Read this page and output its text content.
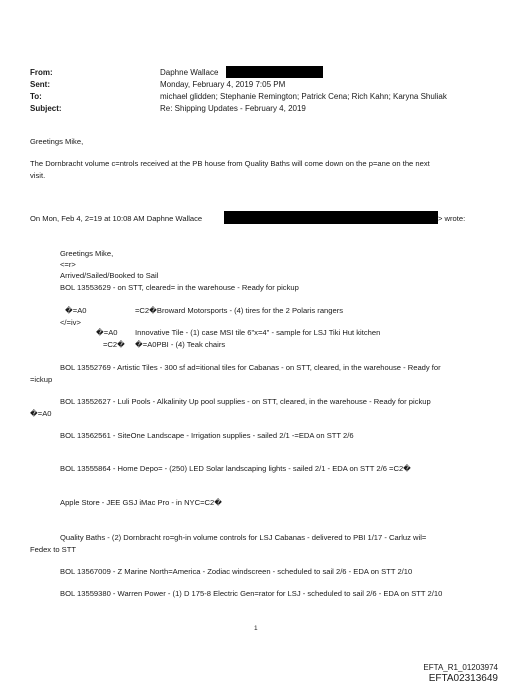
From:	Daphne Wallace
Sent:	Monday, February 4, 2019 7:05 PM
To:	michael glidden; Stephanie Remington; Patrick Cena; Rich Kahn; Karyna Shuliak
Subject:	Re: Shipping Updates - February 4, 2019
Greetings Mike,
The Dornbracht volume c=ntrols received at the PB house from Quality Baths will come down on the p=ane on the next
visit.
On Mon, Feb 4, 2=19 at 10:08 AM Daphne Wallace	> wrote:
Greetings Mike,
<=r>
Arrived/Sailed/Booked to Sail
BOL 13553629 - on STT, cleared= in the warehouse - Ready for pickup
�=A0	=C2�Broward Motorsports - (4) tires for the 2 Polaris rangers
</=iv>
�=A0 Innovative Tile - (1) case MSI tile 6"x=4" - sample for LSJ Tiki Hut kitchen
=C2� �=A0PBI - (4) Teak chairs
BOL 13552769 - Artistic Tiles - 300 sf ad=itional tiles for Cabanas - on STT, cleared, in the warehouse - Ready for
=ickup
BOL 13552627 - Luli Pools - Alkalinity Up pool supplies - on STT, cleared, in the warehouse - Ready for pickup
�=A0
BOL 13562561 - SiteOne Landscape - Irrigation supplies - sailed 2/1 -=EDA on STT 2/6
BOL 13555864 - Home Depo= - (250) LED Solar landscaping lights - sailed 2/1 - EDA on STT 2/6 =C2�
Apple Store - JEE GSJ iMac Pro - in NYC=C2�
Quality Baths - (2) Dornbracht ro=gh-in volume controls for LSJ Cabanas - delivered to PBI 1/17 - Carluz wil=
Fedex to STT
BOL 13567009 - Z Marine North=America - Zodiac windscreen - scheduled to sail 2/6 - EDA on STT 2/10
BOL 13559380 - Warren Power - (1) D 175-8 Electric Gen=rator for LSJ - scheduled to sail 2/6 - EDA on STT 2/10
1
EFTA_R1_01203974
EFTA02313649
